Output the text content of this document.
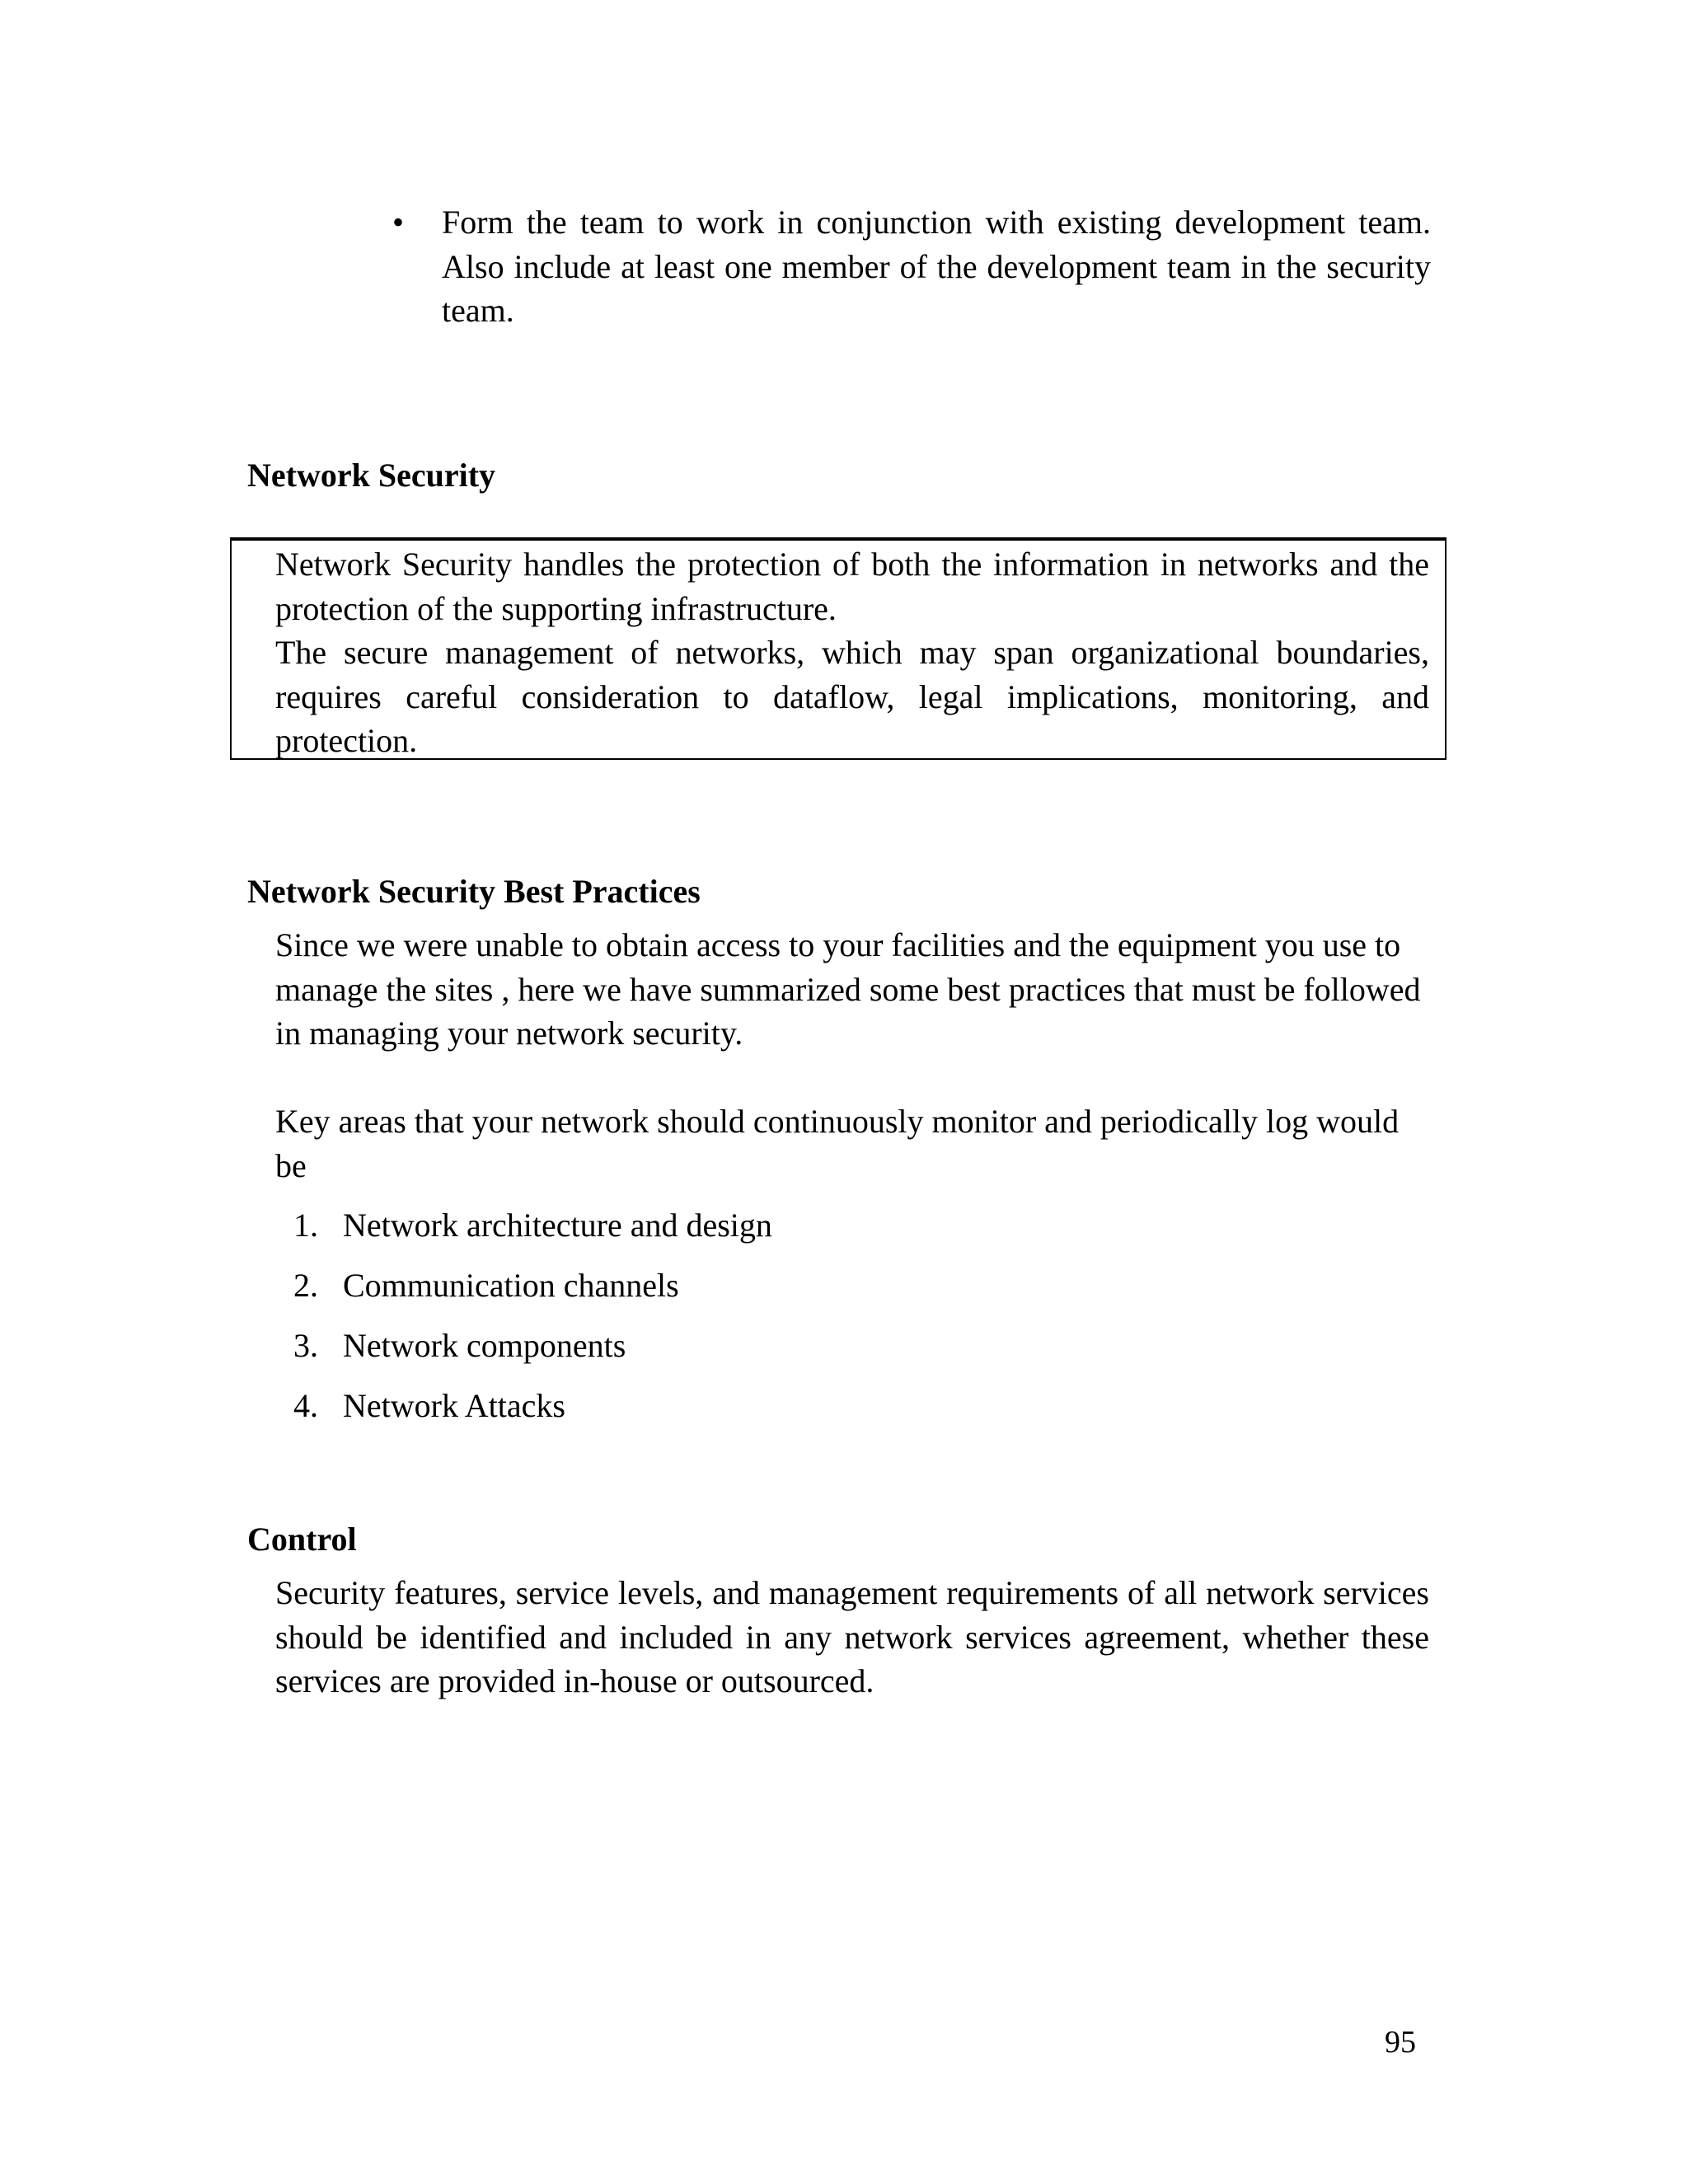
• Form the team to work in conjunction with existing development team. Also include at least one member of the development team in the security team.
Network Security

Network Security handles the protection of both the information in networks and the protection of the supporting infrastructure.

The secure management of networks, which may span organizational boundaries, requires careful consideration to dataflow, legal implications, monitoring, and protection.

Network Security Best Practices

Since we were unable to obtain access to your facilities and the equipment you use to manage the sites , here we have summarized some best practices that must be followed in managing your network security.

Key areas that your network should continuously monitor and periodically log would be

1. Network architecture and design
2. Communication channels
3. Network components
4. Network Attacks
Control

Security features, service levels, and management requirements of all network services should be identified and included in any network services agreement, whether these services are provided in-house or outsourced.

95
